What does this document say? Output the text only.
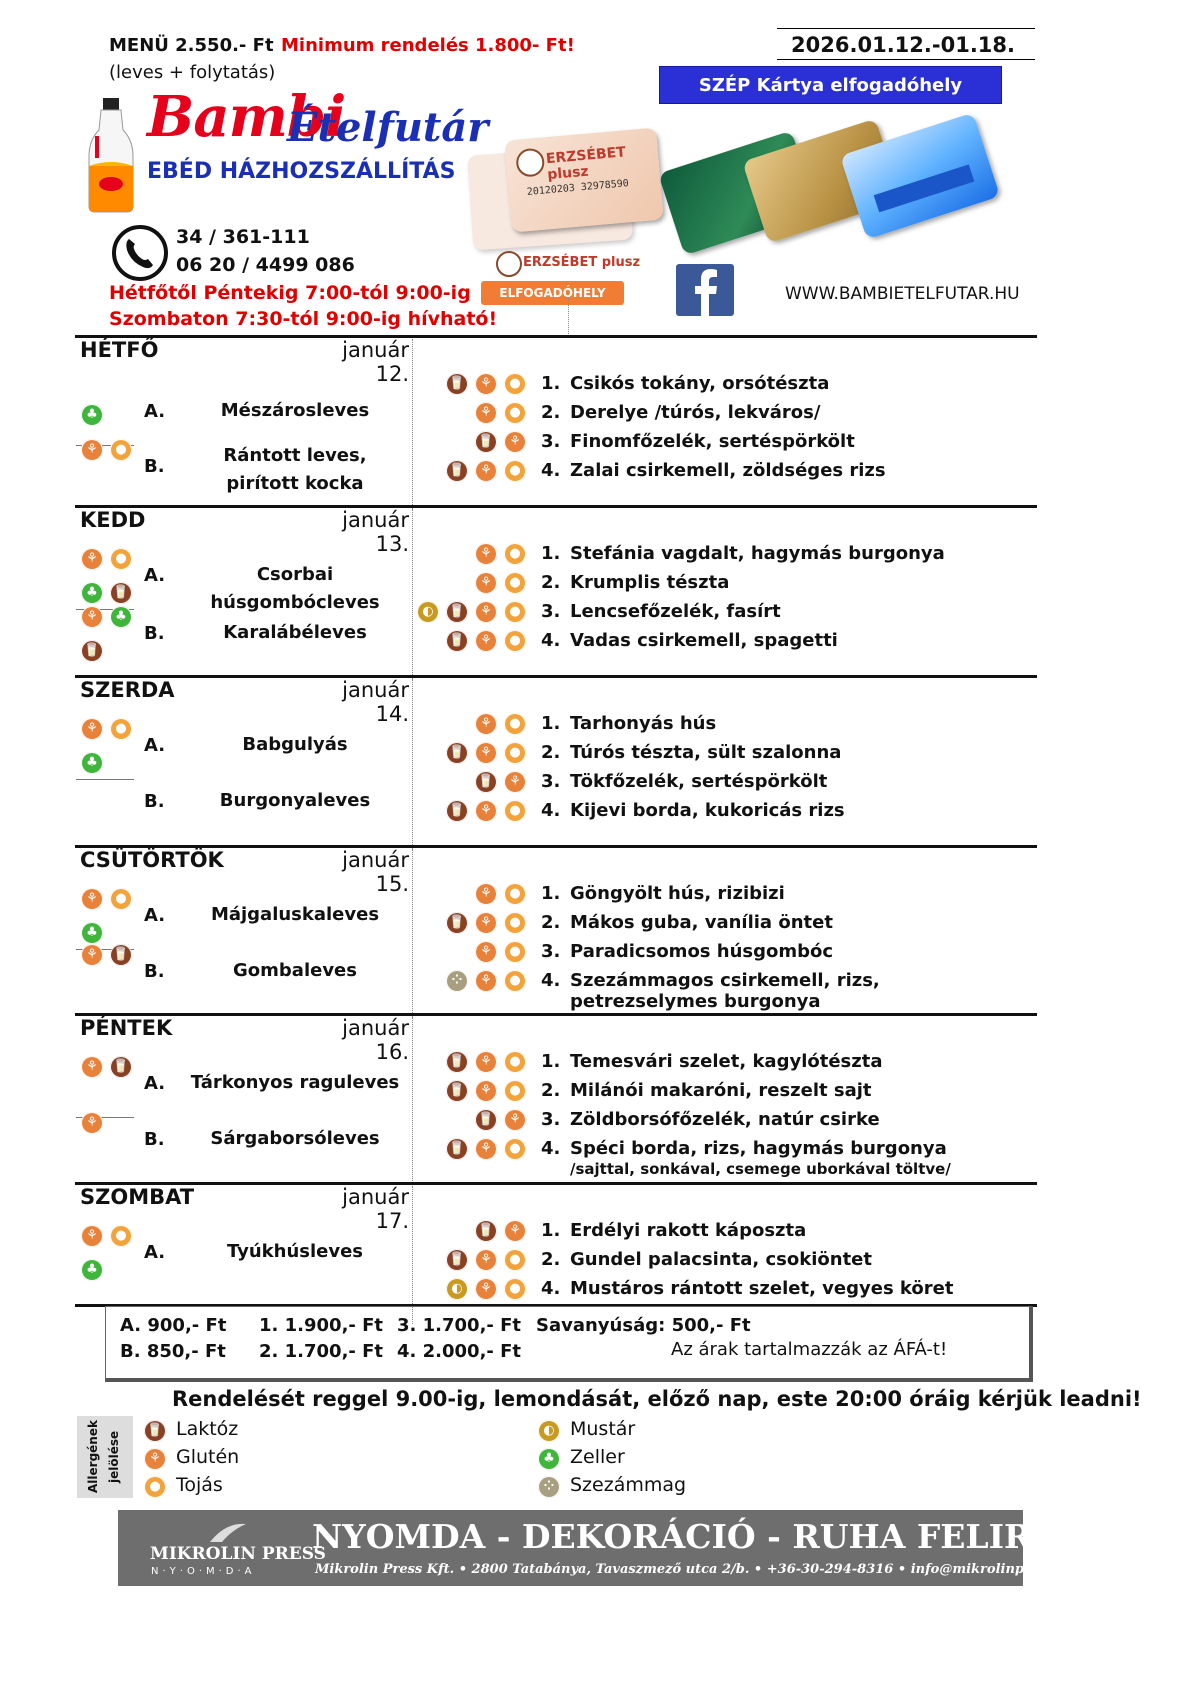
MENÜ 2.550.- Ft Minimum rendelés 1.800- Ft!
(leves + folytatás)
2026.01.12.-01.18.
SZÉP Kártya elfogadóhely
Bambi
Ételfutár
EBÉD HÁZHOZSZÁLLÍTÁS
34 / 361-111
06 20 / 4499 086
Hétfőtől Péntekig 7:00-tól 9:00-ig
Szombaton 7:30-tól 9:00-ig hívható!
ERZSÉBET plusz
20120203 32978590
ERZSÉBET plusz
ELFOGADÓHELY	WWW.BAMBIETELFUTAR.HU
HÉTFŐ	január 12.
A.	Mészárosleves
♣
B.
Rántott leves,
pirított kocka
⚘	●
1. Csikós tokány, orsótészta
🥛	⚘	●
2. Derelye /túrós, lekváros/
⚘	●
3. Finomfőzelék, sertéspörkölt
🥛	⚘
4. Zalai csirkemell, zöldséges rizs
🥛	⚘	●
KEDD	január 13.
A.	Csorbai húsgombócleves
⚘	●
♣	🥛
B.	Karalábéleves
⚘	♣
🥛
1. Stefánia vagdalt, hagymás burgonya
⚘	●
2. Krumplis tészta
⚘	●
3. Lencsefőzelék, fasírt
◐	🥛	⚘	●
4. Vadas csirkemell, spagetti
🥛	⚘	●
SZERDA	január 14.
A.	Babgulyás
⚘	●
♣
B.	Burgonyaleves
1. Tarhonyás hús
⚘	●
2. Túrós tészta, sült szalonna
🥛	⚘	●
3. Tökfőzelék, sertéspörkölt
🥛	⚘
4. Kijevi borda, kukoricás rizs
🥛	⚘	●
CSÜTÖRTÖK	január 15.
A.	Májgaluskaleves
⚘	●
♣
B.	Gombaleves
⚘	🥛
1. Göngyölt hús, rizibizi
⚘	●
2. Mákos guba, vanília öntet
🥛	⚘	●
3. Paradicsomos húsgombóc
⚘	●
4. Szezámmagos csirkemell, rizs,
petrezselymes burgonya
⁘	⚘	●
PÉNTEK	január 16.
A.	Tárkonyos raguleves
⚘	🥛
B.	Sárgaborsóleves
⚘
1. Temesvári szelet, kagylótészta
🥛	⚘	●
2. Milánói makaróni, reszelt sajt
🥛	⚘	●
3. Zöldborsófőzelék, natúr csirke
🥛	⚘
4. Spéci borda, rizs, hagymás burgonya
/sajttal, sonkával, csemege uborkával töltve/
🥛	⚘	●
SZOMBAT	január 17.
A.	Tyúkhúsleves
⚘	●
♣
1. Erdélyi rakott káposzta
🥛	⚘
2. Gundel palacsinta, csokiöntet
🥛	⚘	●
4. Mustáros rántott szelet, vegyes köret
◐	⚘	●
A. 900,- Ft
B. 850,- Ft
1. 1.900,- Ft
2. 1.700,- Ft
3. 1.700,- Ft
4. 2.000,- Ft
Savanyúság: 500,- Ft
Az árak tartalmazzák az ÁFÁ-t!
Rendelését reggel 9.00-ig, lemondását, előző nap, este 20:00 óráig kérjük leadni!
Allergének jelölése
🥛 Laktóz
⚘ Glutén
● Tojás
◐ Mustár
♣ Zeller
⁘ Szezámmag
MIKROLIN PRESS
N·Y·O·M·D·A
NYOMDA - DEKORÁCIÓ - RUHA FELIRATOZÁS
Mikrolin Press Kft. • 2800 Tatabánya, Tavaszmező utca 2/b. • +36-30-294-8316 • info@mikrolinpressnyomda.hu
